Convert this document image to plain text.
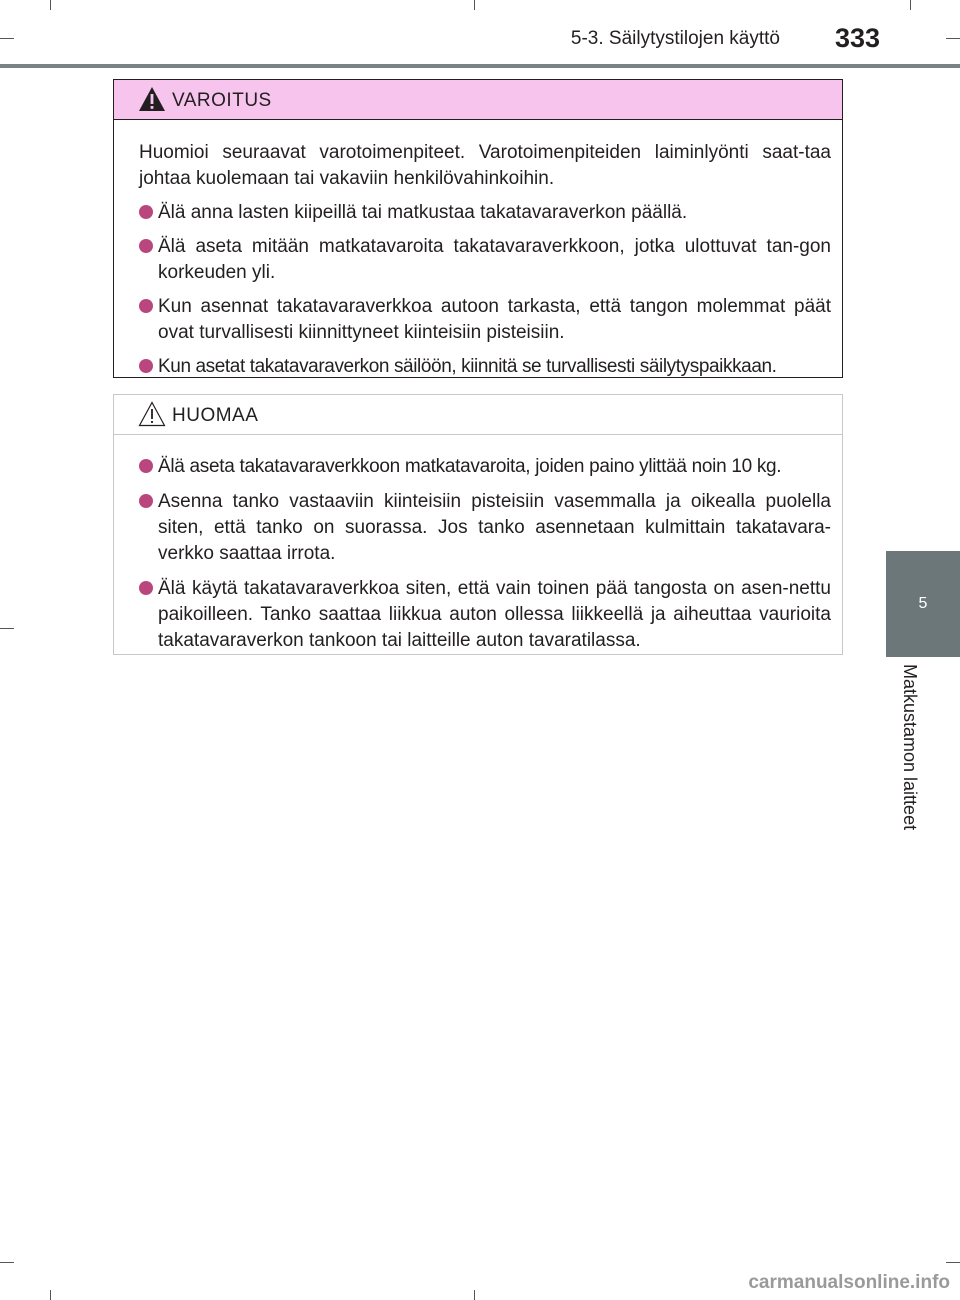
5-3. Säilytystilojen käyttö	333
5
Matkustamon laitteet
VAROITUS

Huomioi seuraavat varotoimenpiteet. Varotoimenpiteiden laiminlyönti saat-taa johtaa kuolemaan tai vakaviin henkilövahinkoihin.

Älä anna lasten kiipeillä tai matkustaa takatavaraverkon päällä.
Älä aseta mitään matkatavaroita takatavaraverkkoon, jotka ulottuvat tan-gon korkeuden yli.
Kun asennat takatavaraverkkoa autoon tarkasta, että tangon molemmat päät ovat turvallisesti kiinnittyneet kiinteisiin pisteisiin.
Kun asetat takatavaraverkon säilöön, kiinnitä se turvallisesti säilytyspaikkaan.
HUOMAA
Älä aseta takatavaraverkkoon matkatavaroita, joiden paino ylittää noin 10 kg.
Asenna tanko vastaaviin kiinteisiin pisteisiin vasemmalla ja oikealla puolella siten, että tanko on suorassa. Jos tanko asennetaan kulmittain takatavara-verkko saattaa irrota.
Älä käytä takatavaraverkkoa siten, että vain toinen pää tangosta on asen-nettu paikoilleen. Tanko saattaa liikkua auton ollessa liikkeellä ja aiheuttaa vaurioita takatavaraverkon tankoon tai laitteille auton tavaratilassa.
carmanualsonline.info
